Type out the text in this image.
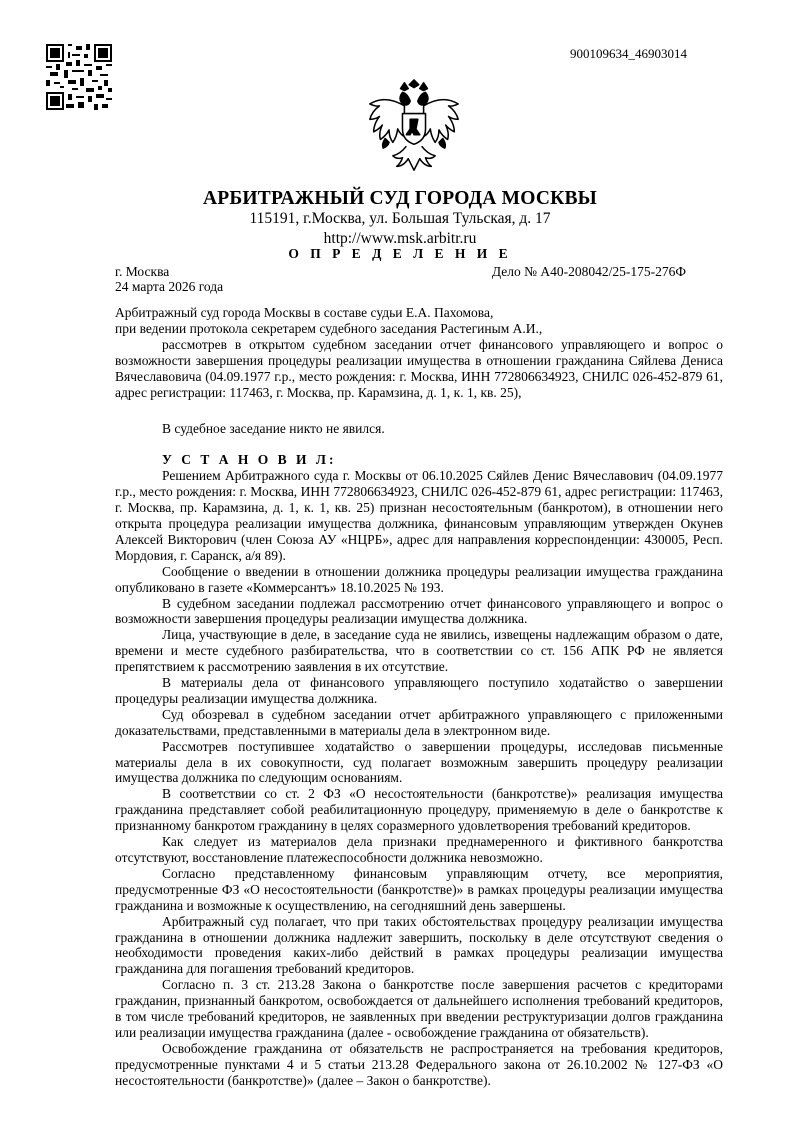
900109634_46903014
АРБИТРАЖНЫЙ СУД ГОРОДА МОСКВЫ
115191, г.Москва, ул. Большая Тульская, д. 17
http://www.msk.arbitr.ru
О П Р Е Д Е Л Е Н И Е
г. Москва
24 марта 2026 года
Дело № А40-208042/25-175-276Ф

Арбитражный суд города Москвы в составе судьи Е.А. Пахомова,

при ведении протокола секретарем судебного заседания Растегиным А.И.,

рассмотрев в открытом судебном заседании отчет финансового управляющего и вопрос о возможности завершения процедуры реализации имущества в отношении гражданина Сяйлева Дениса Вячеславовича (04.09.1977 г.р., место рождения: г. Москва, ИНН 772806634923, СНИЛС 026-452-879 61, адрес регистрации: 117463, г. Москва, пр. Карамзина, д. 1, к. 1, кв. 25),

В судебное заседание никто не явился.

У С Т А Н О В И Л:

Решением Арбитражного суда г. Москвы от 06.10.2025 Сяйлев Денис Вячеславович (04.09.1977 г.р., место рождения: г. Москва, ИНН 772806634923, СНИЛС 026-452-879 61, адрес регистрации: 117463, г. Москва, пр. Карамзина, д. 1, к. 1, кв. 25) признан несостоятельным (банкротом), в отношении него открыта процедура реализации имущества должника, финансовым управляющим утвержден Окунев Алексей Викторович (член Союза АУ «НЦРБ», адрес для направления корреспонденции: 430005, Респ. Мордовия, г. Саранск, а/я 89).

Сообщение о введении в отношении должника процедуры реализации имущества гражданина опубликовано в газете «Коммерсантъ» 18.10.2025 № 193.

В судебном заседании подлежал рассмотрению отчет финансового управляющего и вопрос о возможности завершения процедуры реализации имущества должника.

Лица, участвующие в деле, в заседание суда не явились, извещены надлежащим образом о дате, времени и месте судебного разбирательства, что в соответствии со ст. 156 АПК РФ не является препятствием к рассмотрению заявления в их отсутствие.

В материалы дела от финансового управляющего поступило ходатайство о завершении процедуры реализации имущества должника.

Суд обозревал в судебном заседании отчет арбитражного управляющего с приложенными доказательствами, представленными в материалы дела в электронном виде.

Рассмотрев поступившее ходатайство о завершении процедуры, исследовав письменные материалы дела в их совокупности, суд полагает возможным завершить процедуру реализации имущества должника по следующим основаниям.

В соответствии со ст. 2 ФЗ «О несостоятельности (банкротстве)» реализация имущества гражданина представляет собой реабилитационную процедуру, применяемую в деле о банкротстве к признанному банкротом гражданину в целях соразмерного удовлетворения требований кредиторов.

Как следует из материалов дела признаки преднамеренного и фиктивного банкротства отсутствуют, восстановление платежеспособности должника невозможно.

Согласно представленному финансовым управляющим отчету, все мероприятия, предусмотренные ФЗ «О несостоятельности (банкротстве)» в рамках процедуры реализации имущества гражданина и возможные к осуществлению, на сегодняшний день завершены.

Арбитражный суд полагает, что при таких обстоятельствах процедуру реализации имущества гражданина в отношении должника надлежит завершить, поскольку в деле отсутствуют сведения о необходимости проведения каких-либо действий в рамках процедуры реализации имущества гражданина для погашения требований кредиторов.

Согласно п. 3 ст. 213.28 Закона о банкротстве после завершения расчетов с кредиторами гражданин, признанный банкротом, освобождается от дальнейшего исполнения требований кредиторов, в том числе требований кредиторов, не заявленных при введении реструктуризации долгов гражданина или реализации имущества гражданина (далее - освобождение гражданина от обязательств).

Освобождение гражданина от обязательств не распространяется на требования кредиторов, предусмотренные пунктами 4 и 5 статьи 213.28 Федерального закона от 26.10.2002 № 127-ФЗ «О несостоятельности (банкротстве)» (далее – Закон о банкротстве).
